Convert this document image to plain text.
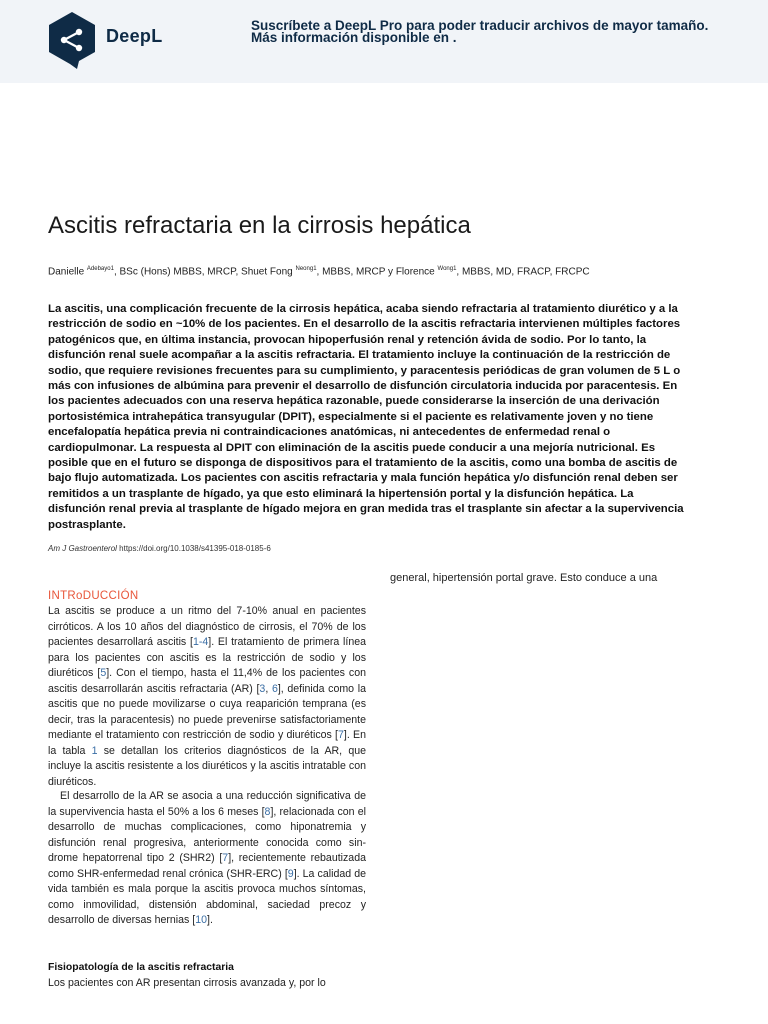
DeepL
Suscríbete a DeepL Pro para poder traducir archivos de mayor tamaño.
Más información disponible en .
Ascitis refractaria en la cirrosis hepática
Danielle $^{Adebayo1}$, BSc (Hons) MBBS, MRCP, Shuet Fong $^{Neong1}$, MBBS, MRCP y Florence $^{Wong1}$, MBBS, MD, FRACP, FRCPC

La ascitis, una complicación frecuente de la cirrosis hepática, acaba siendo refractaria al tratamiento diurético y a la restricción de sodio en ~10% de los pacientes. En el desarrollo de la ascitis refractaria intervienen múltiples factores patogénicos que, en última instancia, provocan hipoperfusión renal y retención ávida de sodio. Por lo tanto, la disfunción renal suele acompañar a la ascitis refractaria. El tratamiento incluye la continuación de la restricción de sodio, que requiere revisiones frecuentes para su cumplimiento, y paracentesis periódicas de gran volumen de 5 L o más con infusiones de albúmina para prevenir el desarrollo de disfunción circulatoria inducida por paracentesis. En los pacientes adecuados con una reserva hepática razonable, puede considerarse la inserción de una derivación portosistémica intrahepática transyugular (DPIT), especialmente si el paciente es relativamente joven y no tiene encefalopatía hepática previa ni contraindicaciones anatómicas, ni antecedentes de enfermedad renal o cardiopulmonar. La respuesta al DPIT con eliminación de la ascitis puede conducir a una mejoría nutricional. Es posible que en el futuro se disponga de dispositivos para el tratamiento de la ascitis, como una bomba de ascitis de bajo flujo automatizada. Los pacientes con ascitis refractaria y mala función hepática y/o disfunción renal deben ser remitidos a un trasplante de hígado, ya que esto eliminará la hipertensión portal y la disfunción hepática. La disfunción renal previa al trasplante de hígado mejora en gran medida tras el trasplante sin afectar a la supervivencia postrasplante.

Am J Gastroenterol https://doi.org/10.1038/s41395-018-0185-6
general, hipertensión portal grave. Esto conduce a una
INTRoDUCCIÓN

La ascitis se produce a un ritmo del 7-10% anual en pacientes cirróticos. A los 10 años del diagnóstico de cirrosis, el 70% de los pacientes desarrollará ascitis [1-4]. El tratamiento de primera línea para los pacientes con ascitis es la restricción de sodio y los diuréticos [5]. Con el tiempo, hasta el 11,4% de los pacientes con ascitis desarrollarán ascitis refractaria (AR) [3, 6], definida como la ascitis que no puede movilizarse o cuya reaparición temprana (es decir, tras la paracentesis) no puede prevenirse satisfactoriamente mediante el tratamiento con restricción de sodio y diuréticos [7]. En la tabla 1 se detallan los criterios diagnósticos de la AR, que incluye la ascitis resistente a los diuréticos y la ascitis intratable con diuréticos.

El desarrollo de la AR se asocia a una reducción significativa de la supervivencia hasta el 50% a los 6 meses [8], relacionada con el desarrollo de muchas complicaciones, como hiponatremia y disfunción renal progresiva, anteriormente conocida como sin- drome hepatorrenal tipo 2 (SHR2) [7], recientemente rebautizada como SHR-enfermedad renal crónica (SHR-ERC) [9]. La calidad de vida también es mala porque la ascitis provoca muchos síntomas, como inmovilidad, distensión abdominal, saciedad precoz y desarrollo de diversas hernias [10].

Fisiopatología de la ascitis refractaria

Los pacientes con AR presentan cirrosis avanzada y, por lo
